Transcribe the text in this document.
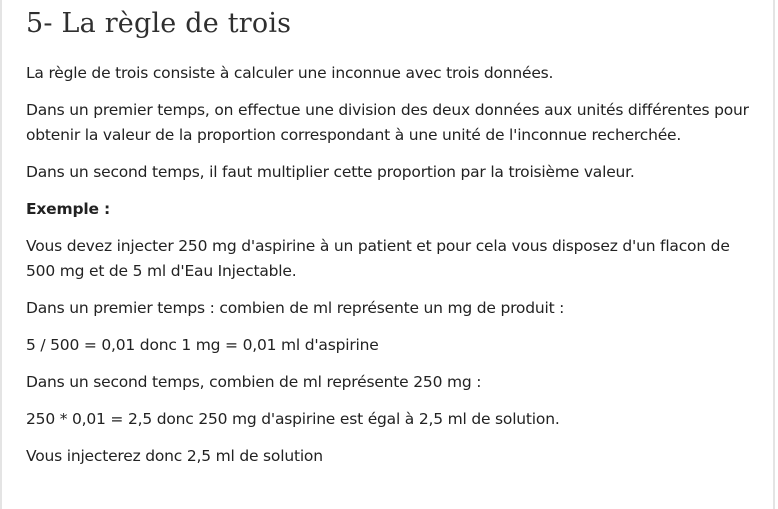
5- La règle de trois

La règle de trois consiste à calculer une inconnue avec trois données.

Dans un premier temps, on effectue une division des deux données aux unités différentes pour obtenir la valeur de la proportion correspondant à une unité de l'inconnue recherchée.

Dans un second temps, il faut multiplier cette proportion par la troisième valeur.

Exemple :

Vous devez injecter 250 mg d'aspirine à un patient et pour cela vous disposez d'un flacon de 500 mg et de 5 ml d'Eau Injectable.

Dans un premier temps : combien de ml représente un mg de produit :

5 / 500 = 0,01 donc 1 mg = 0,01 ml d'aspirine

Dans un second temps, combien de ml représente 250 mg :

250 * 0,01 = 2,5 donc 250 mg d'aspirine est égal à 2,5 ml de solution.

Vous injecterez donc 2,5 ml de solution
